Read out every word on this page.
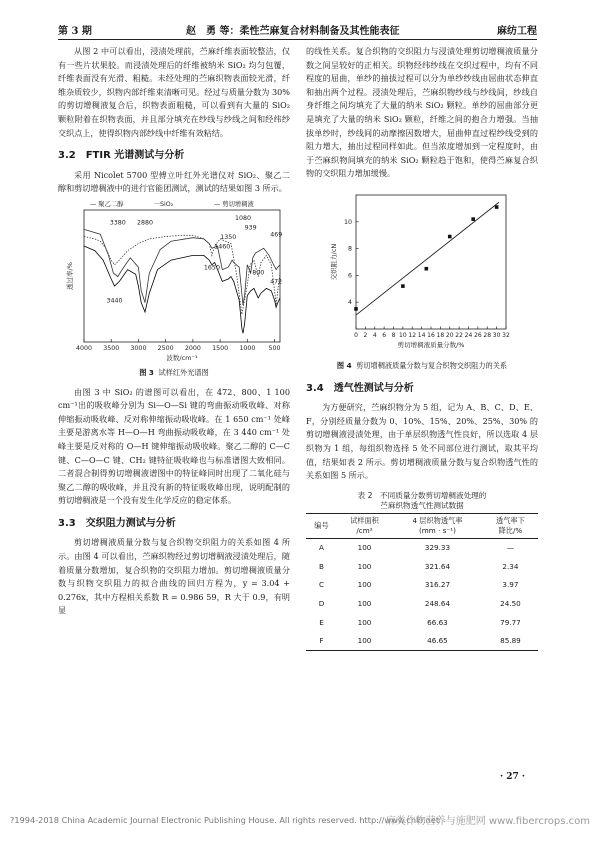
第 3 期	赵　勇 等：柔性苎麻复合材料制备及其性能表征	麻纺工程

从图 2 中可以看出，浸渍处理前，苎麻纤维表面较整洁，仅有一些片状果胶。而浸渍处理后的纤维被纳米 SiO₂ 均匀包覆，纤维表面没有光滑、粗糙。未经处理的苎麻织物表面较光滑，纤维杂质较少，织物内部纤维束清晰可见。经过与质量分数为 30% 的剪切增稠液复合后，织物表面粗糙，可以看到有大量的 SiO₂ 颗粒附着在织物表面，并且部分填充在纱线与纱线之间和经纬纱交织点上，使得织物内部纱线中纤维有效粘结。

3.2　FTIR 光谱测试与分析

采用 Nicolet 5700 型傅立叶红外光谱仪对 SiO₂、聚乙二醇和剪切增稠液中的进行官能团测试，测试的结果如图 3 所示。

— 聚乙二醇	···SiO₂	— 剪切增稠液
3380 2880
3440
1080
939
469
1350
1460
1650
800
472
4000 3500 3000 2500 2000 1500 1000 500
波数/cm⁻¹
透过率/%
图 3 试样红外光谱图

由图 3 中 SiO₂ 的谱图可以看出，在 472、800、1 100 cm⁻¹出的吸收峰分别为 Si—O—Si 键的弯曲振动吸收峰、对称伸缩振动吸收峰、反对称伸缩振动吸收峰。在 1 650 cm⁻¹ 处峰主要是游离水等 H—O—H 弯曲振动吸收峰，在 3 440 cm⁻¹ 处峰主要是反对称的 O—H 键伸缩振动吸收峰。聚乙二醇的 C—C 键、C—O—C 键、CH₂ 键特征吸收峰也与标准谱图大致相同。二者混合制得剪切增稠液谱图中的特征峰同时出现了二氧化硅与聚乙二醇的吸收峰，并且没有新的特征吸收峰出现，说明配制的剪切增稠液是一个没有发生化学反应的稳定体系。

3.3　交织阻力测试与分析

剪切增稠液质量分数与复合织物交织阻力的关系如图 4 所示。由图 4 可以看出，苎麻织物经过剪切增稠液浸渍处理后，随着质量分数增加，复合织物的交织阻力增加。剪切增稠液质量分数与织物交织阻力的拟合曲线的回归方程为，y = 3.04 + 0.276x，其中方程相关系数 R = 0.986 59，R 大于 0.9，有明显

的线性关系。复合织物的交织阻力与浸渍处理剪切增稠液质量分数之间呈较好的正相关。织物经纬纱线在交织过程中，均有不同程度的屈曲，单纱的抽拔过程可以分为单纱纱线由屈曲状态伸直和抽出两个过程。浸渍处理后，苎麻织物纱线与纱线间，纱线自身纤维之间均填充了大量的纳米 SiO₂ 颗粒。单纱的屈曲部分更是填充了大量的纳米 SiO₂ 颗粒，纤维之间的抱合力增强。当抽拔单纱时，纱线间的动摩擦因数增大，屈曲伸直过程纱线受到的阻力增大，抽出过程同样如此。但当浓度增加到一定程度时，由于苎麻织物间填充的纳米 SiO₂ 颗粒趋于饱和，使得苎麻复合织物的交织阻力增加缓慢。

0 2 4 6 8 10 12 14 16 18 20 22 24 26 28 30 32
4
6
8
10
剪切增稠液质量分数/%
交织阻力/cN
图 4 剪切增稠液质量分数与复合织物交织阻力的关系
3.4　透气性测试与分析

为方便研究，苎麻织物分为 5 组，记为 A、B、C、D、E、F，分别经质量分数为 0、10%、15%、20%、25%、30% 的剪切增稠液浸渍处理，由于单层织物透气性良好，所以选取 4 层织物为 1 组，每组织物选择 5 处不同部位进行测试，取其平均值，结果如表 2 所示。剪切增稠液质量分数与复合织物透气性的关系如图 5 所示。

表 2　不同质量分数剪切增稠液处理的
苎麻织物透气性测试数据
编号	试样面积
/cm²	4 层织物透气率
(mm · s⁻¹)	透气率下
降比/%

A	100	329.33	—
B	100	321.64	2.34
C	100	316.27	3.97
D	100	248.64	24.50
E	100	66.63	79.77
F	100	46.65	85.89
· 27 ·
?1994-2018 China Academic Journal Electronic Publishing House. All rights reserved. http://www.cnki.net
麻类作物营养与施肥网 www.fibercrops.com
